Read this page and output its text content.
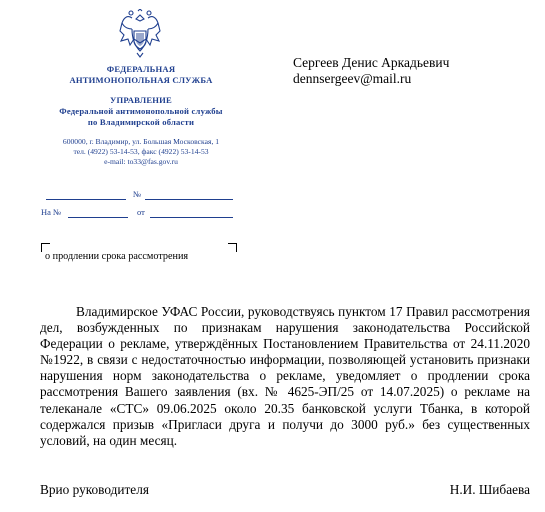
ФЕДЕРАЛЬНАЯ
АНТИМОНОПОЛЬНАЯ СЛУЖБА
УПРАВЛЕНИЕ
Федеральной антимонопольной службы
по Владимирской области
600000, г. Владимир, ул. Большая Московская, 1
тел. (4922) 53-14-53, факс (4922) 53-14-53
e-mail: to33@fas.gov.ru
Сергеев Денис Аркадьевич
dennsergeev@mail.ru
№
На №	от
о продлении срока рассмотрения
Владимирское УФАС России, руководствуясь пунктом 17 Правил рассмотрения дел, возбужденных по признакам нарушения законодательства Российской Федерации о рекламе, утверждённых Постановлением Правительства от 24.11.2020 №1922, в связи с недостаточностью информации, позволяющей установить признаки нарушения норм законодательства о рекламе, уведомляет о продлении срока рассмотрения Вашего заявления (вх. № 4625-ЭП/25 от 14.07.2025) о рекламе на телеканале «СТС» 09.06.2025 около 20.35 банковской услуги Тбанка, в которой содержался призыв «Пригласи друга и получи до 3000 руб.» без существенных условий, на один месяц.
Врио руководителя	Н.И. Шибаева
